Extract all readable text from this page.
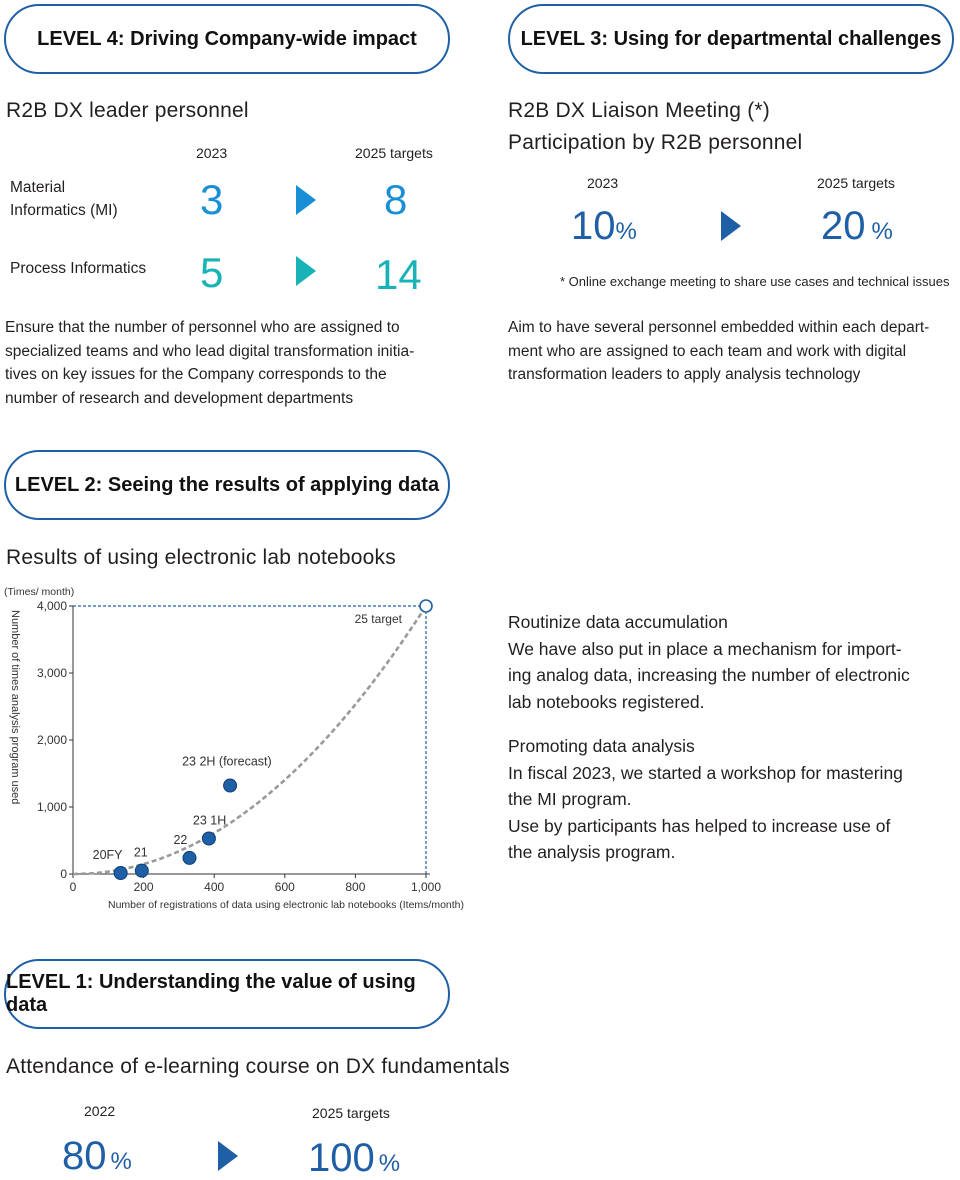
LEVEL 4: Driving Company-wide impact
R2B DX leader personnel
2023	2025 targets
Material
Informatics (MI) 3	8
Process Informatics 5	14
Ensure that the number of personnel who are assigned to
specialized teams and who lead digital transformation initia-
tives on key issues for the Company corresponds to the
number of research and development departments
LEVEL 3: Using for departmental challenges
R2B DX Liaison Meeting (*)
Participation by R2B personnel
2023	2025 targets
10%	20 %
* Online exchange meeting to share use cases and technical issues
Aim to have several personnel embedded within each depart-
ment who are assigned to each team and work with digital
transformation leaders to apply analysis technology
LEVEL 2: Seeing the results of applying data
Results of using electronic lab notebooks
0
1,000
2,000
3,000
4,000
0	200	400	600	800	1,000
(Times/ month)
Number of times analysis program used
Number of registrations of data using electronic lab notebooks (Items/month)
25 target
20FY 21
22
23 1H
23 2H (forecast)
Routinize data accumulation
We have also put in place a mechanism for import-
ing analog data, increasing the number of electronic
lab notebooks registered.
Promoting data analysis
In fiscal 2023, we started a workshop for mastering
the MI program.
Use by participants has helped to increase use of
the analysis program.
LEVEL 1: Understanding the value of using data
Attendance of e-learning course on DX fundamentals
2022	2025 targets
80 %	100 %
